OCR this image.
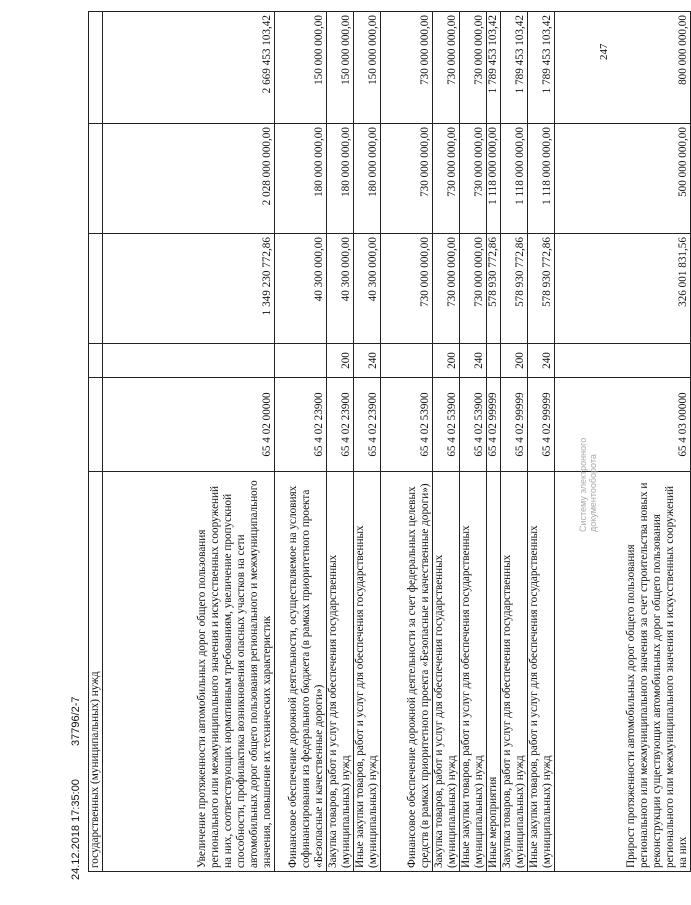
247
государственных (муниципальных) нужд					
Увеличение протяженности автомобильных дорог общего пользования регионального или межмуниципального значения и искусственных сооружений на них, соответствующих нормативным требованиям, увеличение пропускной способности, профилактика возникновения опасных участков на сети автомобильных дорог общего пользования регионального и межмуниципального значения, повышение их технических характеристик	65 4 02 00000		1 349 230 772,86	2 028 000 000,00	2 669 453 103,42
Финансовое обеспечение дорожной деятельности, осуществляемое на условиях софинансирования из федерального бюджета (в рамках приоритетного проекта «Безопасные и качественные дороги»)	65 4 02 23900		40 300 000,00	180 000 000,00	150 000 000,00
Закупка товаров, работ и услуг для обеспечения государственных (муниципальных) нужд	65 4 02 23900	200	40 300 000,00	180 000 000,00	150 000 000,00
Иные закупки товаров, работ и услуг для обеспечения государственных (муниципальных) нужд	65 4 02 23900	240	40 300 000,00	180 000 000,00	150 000 000,00
Финансовое обеспечение дорожной деятельности за счет федеральных целевых средств (в рамках приоритетного проекта «Безопасные и качественные дороги»)	65 4 02 53900		730 000 000,00	730 000 000,00	730 000 000,00
Закупка товаров, работ и услуг для обеспечения государственных (муниципальных) нужд	65 4 02 53900	200	730 000 000,00	730 000 000,00	730 000 000,00
Иные закупки товаров, работ и услуг для обеспечения государственных (муниципальных) нужд	65 4 02 53900	240	730 000 000,00	730 000 000,00	730 000 000,00
Иные мероприятия	65 4 02 99999		578 930 772,86	1 118 000 000,00	1 789 453 103,42
Закупка товаров, работ и услуг для обеспечения государственных (муниципальных) нужд	65 4 02 99999	200	578 930 772,86	1 118 000 000,00	1 789 453 103,42
Иные закупки товаров, работ и услуг для обеспечения государственных (муниципальных) нужд	65 4 02 99999	240	578 930 772,86	1 118 000 000,00	1 789 453 103,42
Прирост протяженности автомобильных дорог общего пользования регионального или межмуниципального значения за счет строительства новых и реконструкции существующих автомобильных дорог общего пользования регионального или межмуниципального значения и искусственных сооружений на них	65 4 03 00000		326 001 831,56	500 000 000,00	800 000 000,00
24.12.2018 17:35:00 37796/2-7
Систему электронного документооборота
